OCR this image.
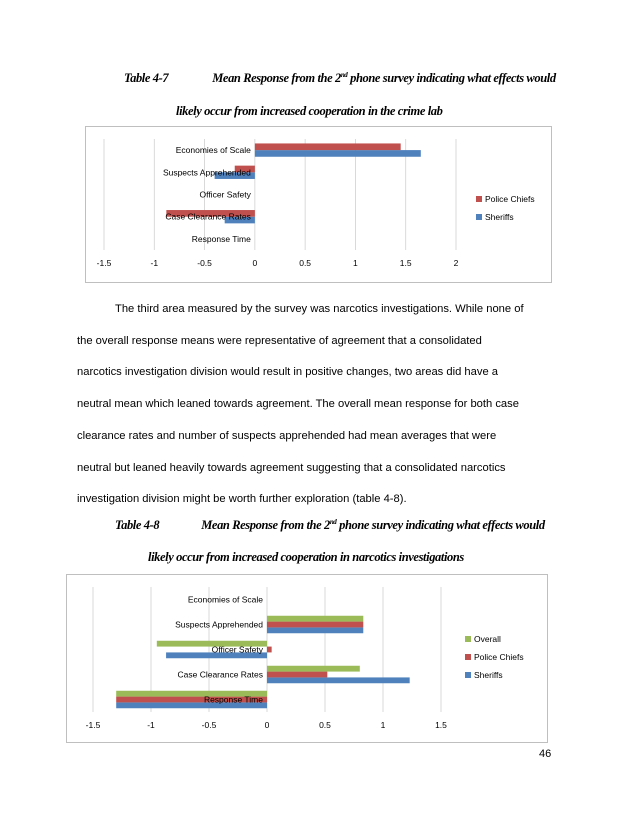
Table 4-7	Mean Response from the 2nd phone survey indicating what effects would
likely occur from increased cooperation in the crime lab
-1.5	-1	-0.5	0	0.5	1	1.5	2
Response Time
Case Clearance Rates
Officer Safety
Suspects Apprehended
Economies of Scale
Police Chiefs
Sheriffs

The third area measured by the survey was narcotics investigations. While none of

the overall response means were representative of agreement that a consolidated

narcotics investigation division would result in positive changes, two areas did have a

neutral mean which leaned towards agreement. The overall mean response for both case

clearance rates and number of suspects apprehended had mean averages that were

neutral but leaned heavily towards agreement suggesting that a consolidated narcotics

investigation division might be worth further exploration (table 4-8).

Table 4-8	Mean Response from the 2nd phone survey indicating what effects would
likely occur from increased cooperation in narcotics investigations
-1.5	-1	-0.5	0	0.5	1	1.5
Response Time
Case Clearance Rates
Officer Safety
Suspects Apprehended
Economies of Scale
Overall
Police Chiefs
Sheriffs
46
